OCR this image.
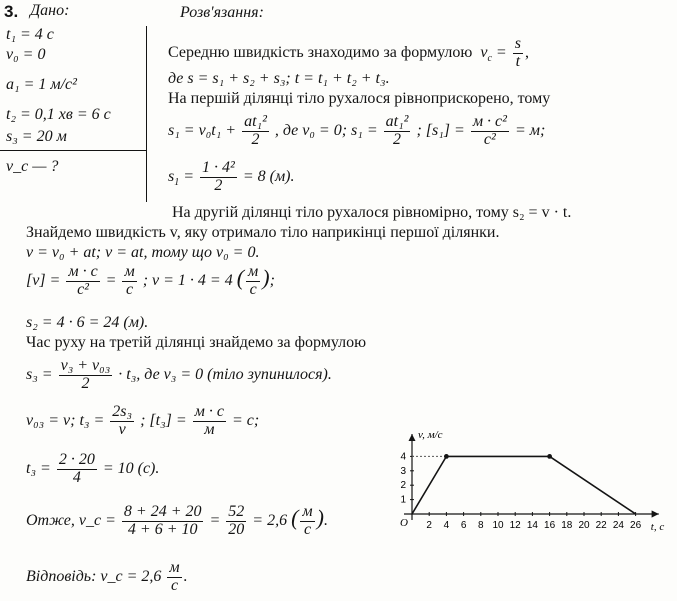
3. Дано:	Розв'язання:
t₁ = 4 с
v₀ = 0
a₁ = 1 м/с²
t₂ = 0,1 хв = 6 с
s₃ = 20 м
v_c — ?
Середню швидкість знаходимо за формулою  $v_c = \frac{s}{t}$ ,
де s = s₁ + s₂ + s₃; t = t₁ + t₂ + t₃.
На першій ділянці тіло рухалося рівноприскорено, тому
$s_1 = v_0t_1 + \frac{\text{at₁²}}{2}$ , де v₀ = 0; $s_1 = \frac{\text{at₁²}}{2}$ ; $[s_1] = \frac{\text{м · с²}}{\text{с²}} = м$;
$s_1 = \frac{\text{1 · 4²}}{2} = 8$ (м).
На другій ділянці тіло рухалося рівномірно, тому s₂ = v · t.
Знайдемо швидкість v, яку отримало тіло наприкінці першої ділянки.
v = v₀ + at; v = at, тому що v₀ = 0.
$[v] = \frac{м \cdot с}{\text{с²}} = \frac{м}{с}$ ; v = 1 · 4 = 4 ( $\frac{м}{с}$ );
s₂ = 4 · 6 = 24 (м).
Час руху на третій ділянці знайдемо за формулою
$s_3 = \frac{\text{v₃ + v₀₃}}{2} \cdot t_3$, де v₃ = 0 (тіло зупинилося).
v₀₃ = v; $t_3 = \frac{\text{2s₃}}{v}$ ; $[t_3] = \frac{м \cdot с}{м} = с$;
$t_3 = \frac{2 \cdot 20}{4} = 10$ (с).
Отже, v_c = $\frac{8 + 24 + 20}{4 + 6 + 10} = \frac{52}{20} = 2,6$ ( $\frac{м}{с}$ ).
Відповідь: v_c = $2,6 \frac{м}{с}$ .
v, м/с
t, с
O 2 4 6 8 10 12 14 16 18 20 22 24 26
1
2
3
4
